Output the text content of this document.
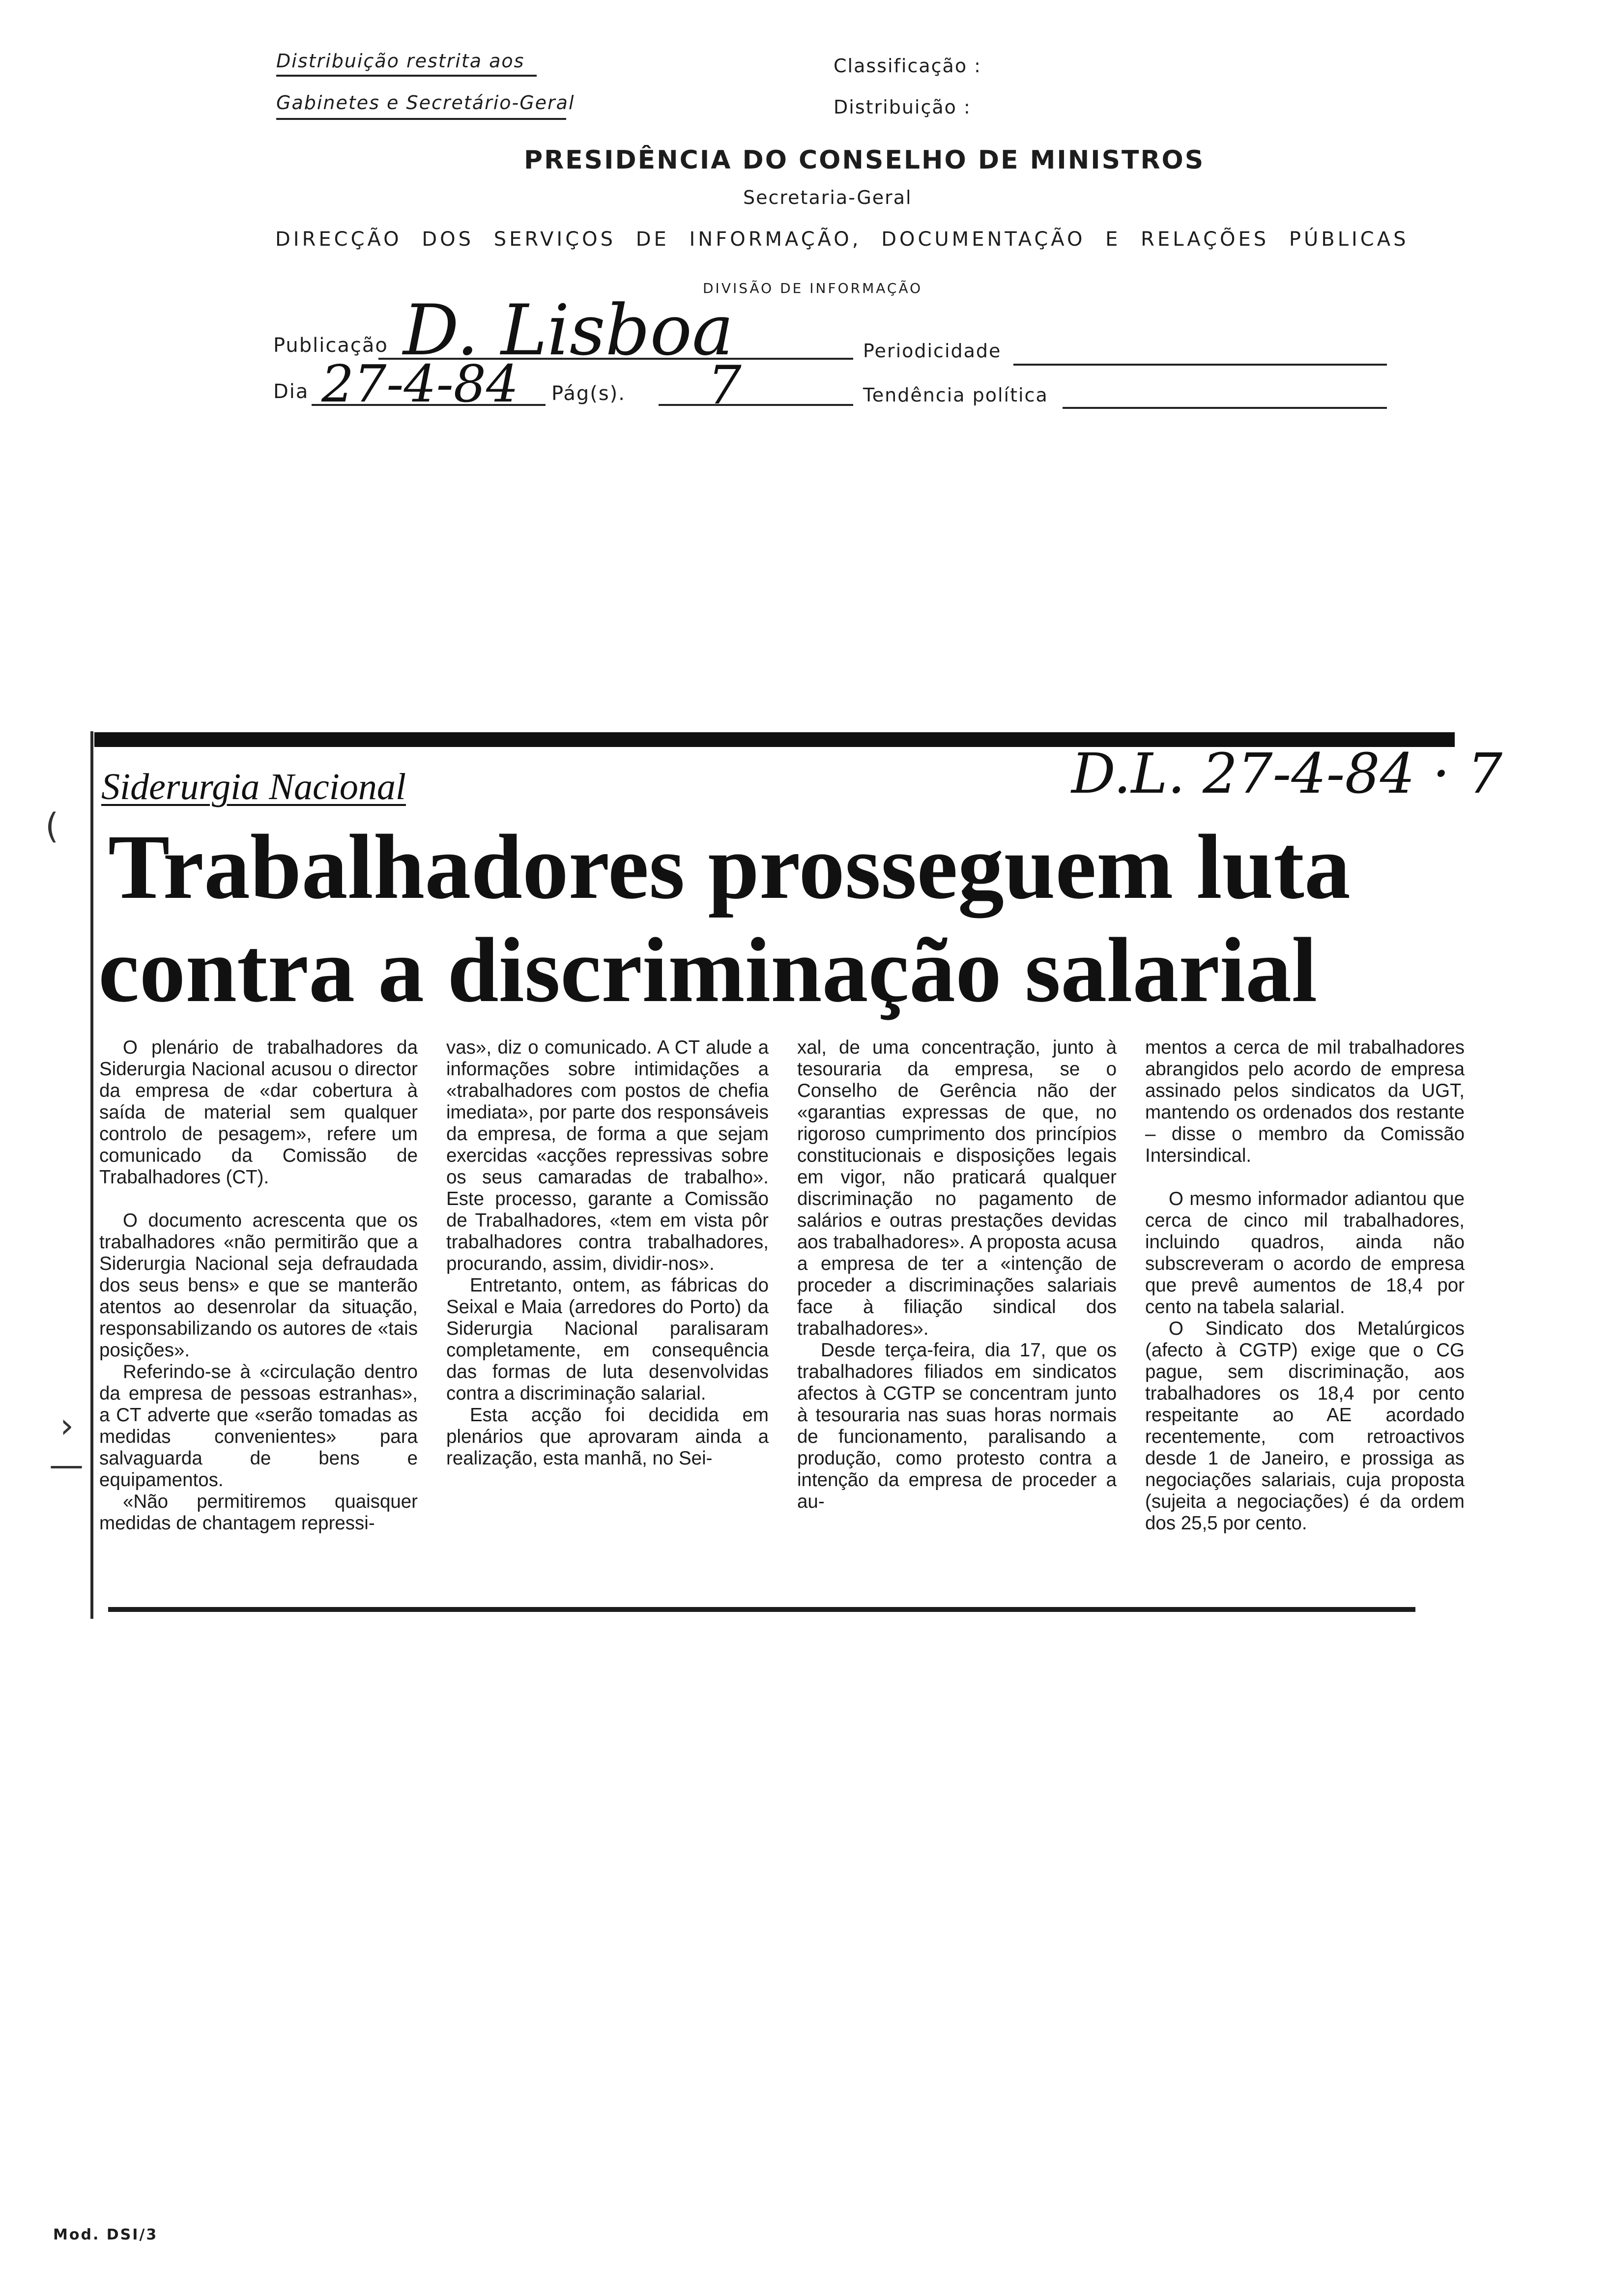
Distribuição restrita aos
Gabinetes e Secretário-Geral
Classificação :
Distribuição :
PRESIDÊNCIA DO CONSELHO DE MINISTROS
Secretaria-Geral
DIRECÇÃO DOS SERVIÇOS DE INFORMAÇÃO, DOCUMENTAÇÃO E RELAÇÕES PÚBLICAS
DIVISÃO DE INFORMAÇÃO
Publicação D. Lisboa	Periodicidade
Dia 27-4-84 Pág(s). 7	Tendência política
Siderurgia Nacional	D.L. 27-4-84 · 7
(
›
—
Trabalhadores prosseguem luta
contra a discriminação salarial

O plenário de trabalhadores da Siderurgia Nacional acusou o director da empresa de «dar cobertura à saída de material sem qualquer controlo de pesagem», refere um comunicado da Comissão de Trabalhadores (CT).

O documento acrescenta que os trabalhadores «não permitirão que a Siderurgia Nacional seja defraudada dos seus bens» e que se manterão atentos ao desenrolar da situação, responsabilizando os autores de «tais posições».

Referindo-se à «circulação dentro da empresa de pessoas estranhas», a CT adverte que «serão tomadas as medidas convenientes» para salvaguarda de bens e equipamentos.

«Não permitiremos quaisquer medidas de chantagem repressi-

vas», diz o comunicado. A CT alude a informações sobre intimidações a «trabalhadores com postos de chefia imediata», por parte dos responsáveis da empresa, de forma a que sejam exercidas «acções repressivas sobre os seus camaradas de trabalho». Este processo, garante a Comissão de Trabalhadores, «tem em vista pôr trabalhadores contra trabalhadores, procurando, assim, dividir-nos».

Entretanto, ontem, as fábricas do Seixal e Maia (arredores do Porto) da Siderurgia Nacional paralisaram completamente, em consequência das formas de luta desenvolvidas contra a discriminação salarial.

Esta acção foi decidida em plenários que aprovaram ainda a realização, esta manhã, no Sei-

xal, de uma concentração, junto à tesouraria da empresa, se o Conselho de Gerência não der «garantias expressas de que, no rigoroso cumprimento dos princípios constitucionais e disposições legais em vigor, não praticará qualquer discriminação no pagamento de salários e outras prestações devidas aos trabalhadores». A proposta acusa a empresa de ter a «intenção de proceder a discriminações salariais face à filiação sindical dos trabalhadores».

Desde terça-feira, dia 17, que os trabalhadores filiados em sindicatos afectos à CGTP se concentram junto à tesouraria nas suas horas normais de funcionamento, paralisando a produção, como protesto contra a intenção da empresa de proceder a au-

mentos a cerca de mil trabalhadores abrangidos pelo acordo de empresa assinado pelos sindicatos da UGT, mantendo os ordenados dos restante – disse o membro da Comissão Intersindical.

O mesmo informador adiantou que cerca de cinco mil trabalhadores, incluindo quadros, ainda não subscreveram o acordo de empresa que prevê aumentos de 18,4 por cento na tabela salarial.

O Sindicato dos Metalúrgicos (afecto à CGTP) exige que o CG pague, sem discriminação, aos trabalhadores os 18,4 por cento respeitante ao AE acordado recentemente, com retroactivos desde 1 de Janeiro, e prossiga as negociações salariais, cuja proposta (sujeita a negociações) é da ordem dos 25,5 por cento.

Mod. DSI/3
